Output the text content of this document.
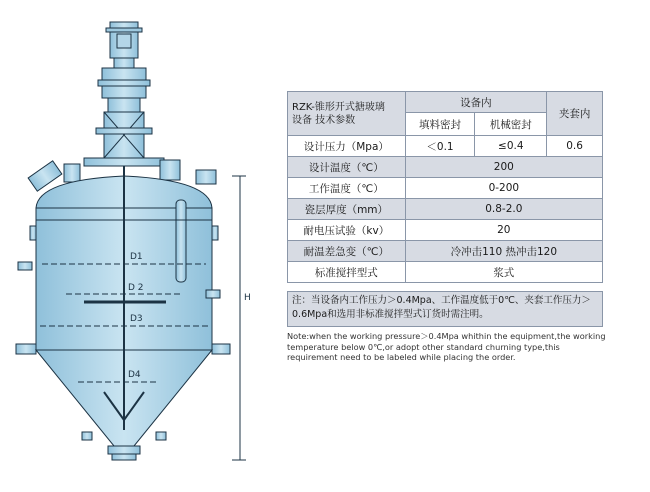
D1
D 2
D3
D4
H
RZK-锥形开式搪玻璃
设备 技术参数	设备内		夹套内
	填料密封	机械密封	
设计压力（Mpa）	＜0.1	≤0.4	0.6
设计温度（℃）	200		
工作温度（℃）	0-200		
瓷层厚度（mm）	0.8-2.0		
耐电压试验（kv）	20		
耐温差急变（℃）	冷冲击110 热冲击120		
标准搅拌型式	浆式		
注：当设备内工作压力＞0.4Mpa、工作温度低于0℃、夹套工作压力＞0.6Mpa和选用非标准搅拌型式订货时需注明。
Note:when the working pressure＞0.4Mpa whithin the equipment,the working temperature below 0℃,or adopt other standard churning type,this requirement need to be labeled while placing the order.
